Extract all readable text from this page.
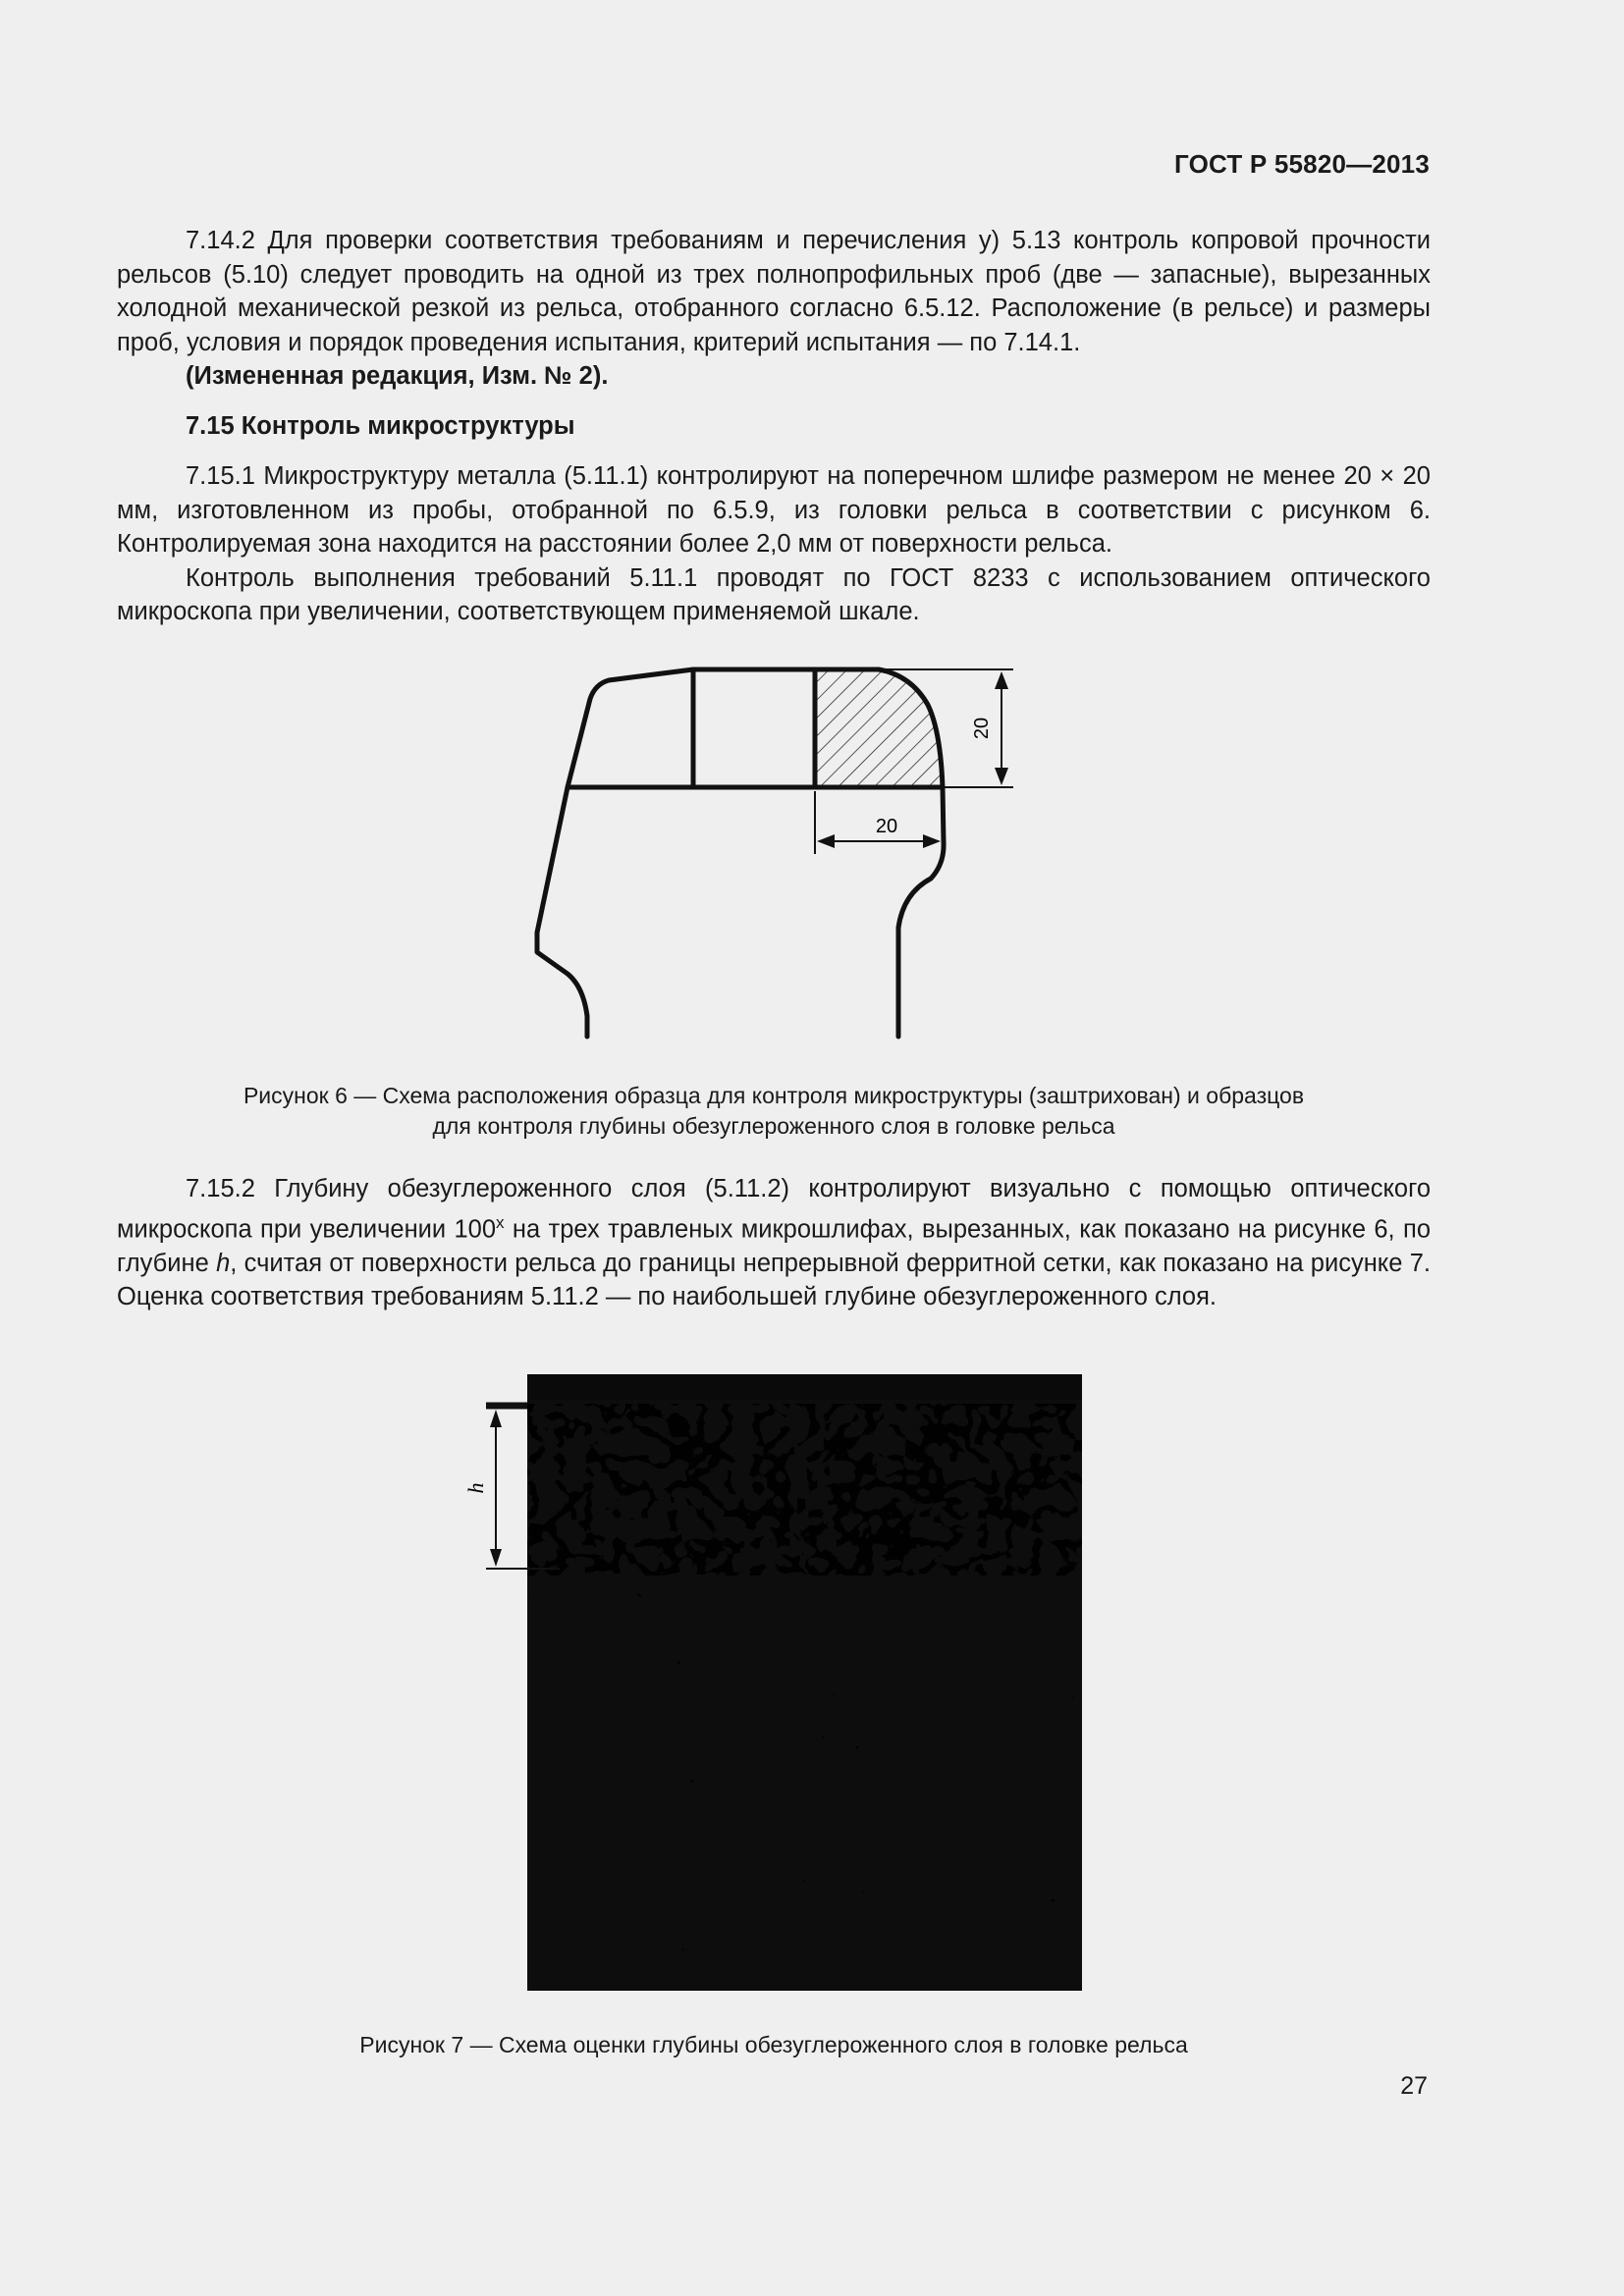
ГОСТ Р 55820—2013

7.14.2 Для проверки соответствия требованиям и перечисления у) 5.13 контроль копровой прочности рельсов (5.10) следует проводить на одной из трех полнопрофильных проб (две — запасные), вырезанных холодной механической резкой из рельса, отобранного согласно 6.5.12. Расположение (в рельсе) и размеры проб, условия и порядок проведения испытания, критерий испытания — по 7.14.1.

(Измененная редакция, Изм. № 2).

7.15 Контроль микроструктуры

7.15.1 Микроструктуру металла (5.11.1) контролируют на поперечном шлифе размером не менее 20 × 20 мм, изготовленном из пробы, отобранной по 6.5.9, из головки рельса в соответствии с рисунком 6. Контролируемая зона находится на расстоянии более 2,0 мм от поверхности рельса.

Контроль выполнения требований 5.11.1 проводят по ГОСТ 8233 с использованием оптического микроскопа при увеличении, соответствующем применяемой шкале.

20
20
Рисунок 6 — Схема расположения образца для контроля микроструктуры (заштрихован) и образцов
для контроля глубины обезуглероженного слоя в головке рельса

7.15.2 Глубину обезуглероженного слоя (5.11.2) контролируют визуально с помощью оптического микроскопа при увеличении $100^х$ на трех травленых микрошлифах, вырезанных, как показано на рисунке 6, по глубине h, считая от поверхности рельса до границы непрерывной ферритной сетки, как показано на рисунке 7. Оценка соответствия требованиям 5.11.2 — по наибольшей глубине обезуглероженного слоя.

h
Рисунок 7 — Схема оценки глубины обезуглероженного слоя в головке рельса
27
